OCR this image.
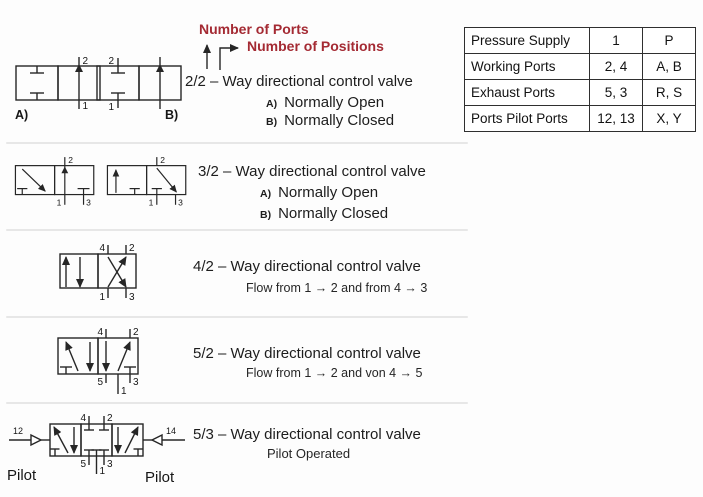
Number of Ports
Number of Positions
2/2 – Way directional control valve
A) Normally Open
B) Normally Closed
2
1
A)
2
1
B)
3/2 – Way directional control valve
A) Normally Open
B) Normally Closed
2
1 3
2
1 3
4/2 – Way directional control valve
Flow from 1 → 2 and from 4 → 3
4 2
1 3
5/2 – Way directional control valve
Flow from 1 → 2 and von 4 → 5
4	2
5	3
1
5/3 – Way directional control valve
Pilot Operated
4 2
5 3
1
12	14
Pilot	Pilot
Pressure Supply	1	P
Working Ports	2, 4	A, B
Exhaust Ports	5, 3	R, S
Ports Pilot Ports	12, 13	X, Y
